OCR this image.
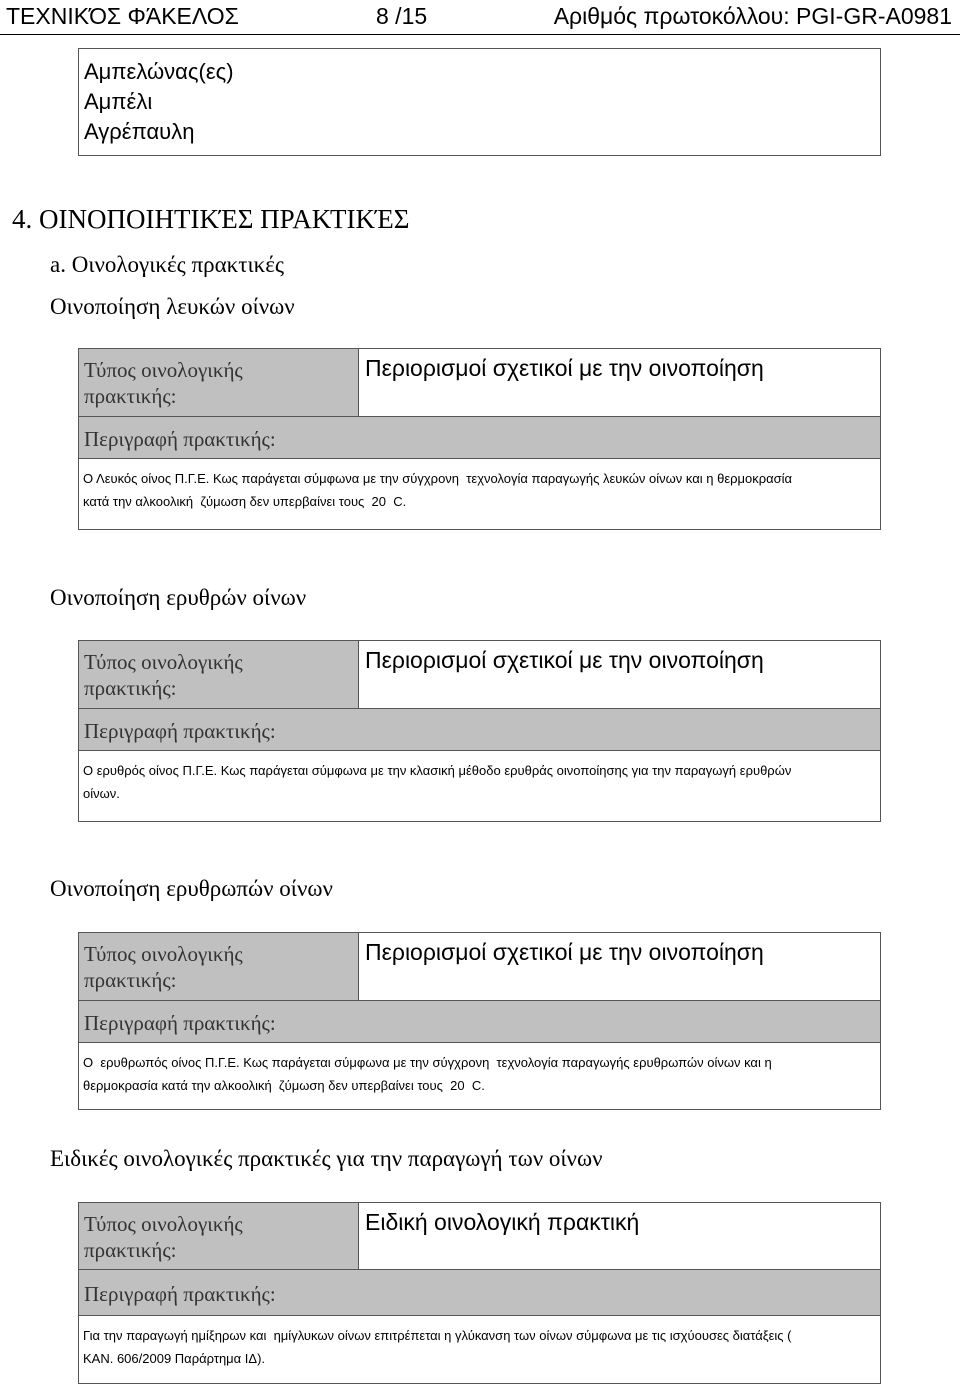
ΤΕΧΝΙΚΌΣ ΦΆΚΕΛΟΣ	8 /15	Αριθμός πρωτοκόλλου: PGI-GR-A0981
Αμπελώνας(ες)
Αμπέλι
Αγρέπαυλη
4. ΟΙΝΟΠΟΙΗΤΙΚΈΣ ΠΡΑΚΤΙΚΈΣ
a. Οινολογικές πρακτικές
Οινοποίηση λευκών οίνων
Τύπος οινολογικής
πρακτικής:
Περιορισμοί σχετικοί με την οινοποίηση
Περιγραφή πρακτικής:
Ο Λευκός οίνος Π.Γ.Ε. Κως παράγεται σύμφωνα με την σύγχρονη  τεχνολογία παραγωγής λευκών οίνων και η θερμοκρασία
κατά την αλκοολική  ζύμωση δεν υπερβαίνει τους  20  C.
Οινοποίηση ερυθρών οίνων
Τύπος οινολογικής
πρακτικής:
Περιορισμοί σχετικοί με την οινοποίηση
Περιγραφή πρακτικής:
Ο ερυθρός οίνος Π.Γ.Ε. Κως παράγεται σύμφωνα με την κλασική μέθοδο ερυθράς οινοποίησης για την παραγωγή ερυθρών
οίνων.
Οινοποίηση ερυθρωπών οίνων
Τύπος οινολογικής
πρακτικής:
Περιορισμοί σχετικοί με την οινοποίηση
Περιγραφή πρακτικής:
Ο  ερυθρωπός οίνος Π.Γ.Ε. Κως παράγεται σύμφωνα με την σύγχρονη  τεχνολογία παραγωγής ερυθρωπών οίνων και η
θερμοκρασία κατά την αλκοολική  ζύμωση δεν υπερβαίνει τους  20  C.
Ειδικές οινολογικές πρακτικές για την παραγωγή των οίνων
Τύπος οινολογικής
πρακτικής:
Ειδική οινολογική πρακτική
Περιγραφή πρακτικής:
Για την παραγωγή ημίξηρων και  ημίγλυκων οίνων επιτρέπεται η γλύκανση των οίνων σύμφωνα με τις ισχύουσες διατάξεις (
ΚΑΝ. 606/2009 Παράρτημα ΙΔ).
